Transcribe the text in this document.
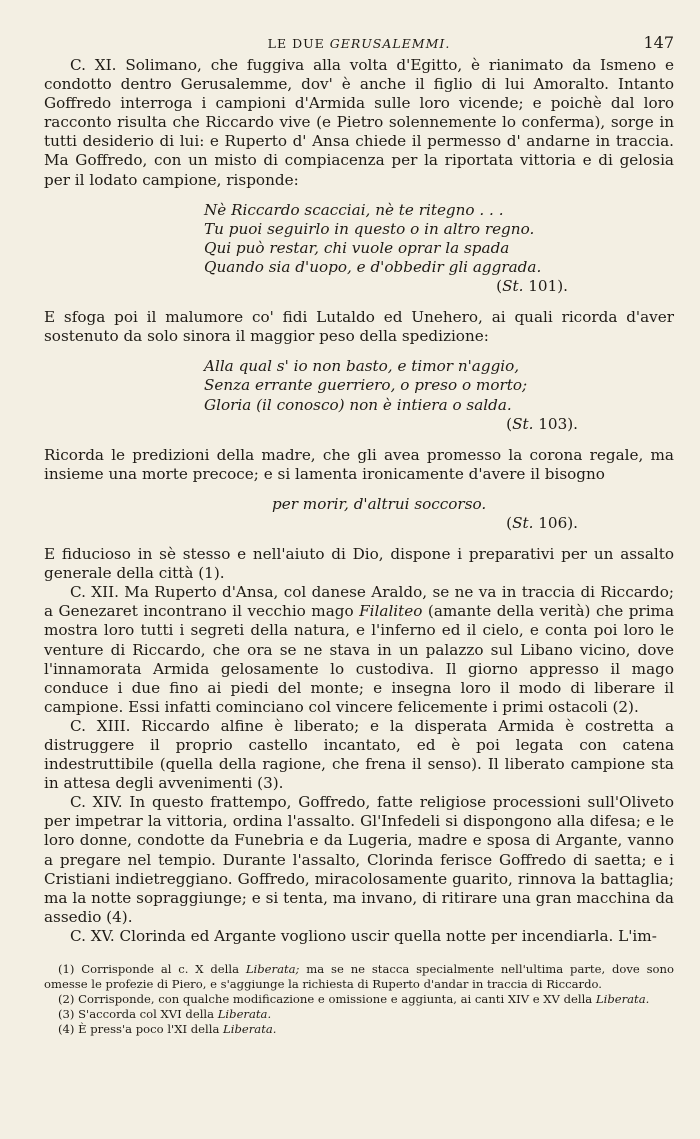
LE DUE GERUSALEMMI.	147

C. XI. Solimano, che fuggiva alla volta d'Egitto, è rianimato da Ismeno e condotto dentro Gerusalemme, dov' è anche il figlio di lui Amoralto. Intanto Goffredo interroga i campioni d'Armida sulle loro vicende; e poichè dal loro racconto risulta che Riccardo vive (e Pietro solennemente lo conferma), sorge in tutti desiderio di lui: e Ruperto d' Ansa chiede il permesso d' andarne in traccia. Ma Goffredo, con un misto di compiacenza per la riportata vittoria e di gelosia per il lodato campione, risponde:

Nè Riccardo scacciai, nè te ritegno . . .
Tu puoi seguirlo in questo o in altro regno.
Qui può restar, chi vuole oprar la spada
Quando sia d'uopo, e d'obbedir gli aggrada.
(St. 101).

E sfoga poi il malumore co' fidi Lutaldo ed Unehero, ai quali ricorda d'aver sostenuto da solo sinora il maggior peso della spedizione:

Alla qual s' io non basto, e timor n'aggio,
Senza errante guerriero, o preso o morto;
Gloria (il conosco) non è intiera o salda.
(St. 103).

Ricorda le predizioni della madre, che gli avea promesso la corona regale, ma insieme una morte precoce; e si lamenta ironicamente d'avere il bisogno

per morir, d'altrui soccorso.
(St. 106).

E fiducioso in sè stesso e nell'aiuto di Dio, dispone i preparativi per un assalto generale della città (1).

C. XII. Ma Ruperto d'Ansa, col danese Araldo, se ne va in traccia di Riccardo; a Genezaret incontrano il vecchio mago Filaliteo (amante della verità) che prima mostra loro tutti i segreti della natura, e l'inferno ed il cielo, e conta poi loro le venture di Riccardo, che ora se ne stava in un palazzo sul Libano vicino, dove l'innamorata Armida gelosamente lo custodiva. Il giorno appresso il mago conduce i due fino ai piedi del monte; e insegna loro il modo di liberare il campione. Essi infatti cominciano col vincere felicemente i primi ostacoli (2).

C. XIII. Riccardo alfine è liberato; e la disperata Armida è costretta a distruggere il proprio castello incantato, ed è poi legata con catena indestruttibile (quella della ragione, che frena il senso). Il liberato campione sta in attesa degli avvenimenti (3).

C. XIV. In questo frattempo, Goffredo, fatte religiose processioni sull'Oliveto per impetrar la vittoria, ordina l'assalto. Gl'Infedeli si dispongono alla difesa; e le loro donne, condotte da Funebria e da Lugeria, madre e sposa di Argante, vanno a pregare nel tempio. Durante l'assalto, Clorinda ferisce Goffredo di saetta; e i Cristiani indietreggiano. Goffredo, miracolosamente guarito, rinnova la battaglia; ma la notte sopraggiunge; e si tenta, ma invano, di ritirare una gran macchina da assedio (4).

C. XV. Clorinda ed Argante vogliono uscir quella notte per incendiarla. L'im-

(1) Corrisponde al c. X della Liberata; ma se ne stacca specialmente nell'ultima parte, dove sono omesse le profezie di Piero, e s'aggiunge la richiesta di Ruperto d'andar in traccia di Riccardo.

(2) Corrisponde, con qualche modificazione e omissione e aggiunta, ai canti XIV e XV della Liberata.

(3) S'accorda col XVI della Liberata.

(4) È press'a poco l'XI della Liberata.
